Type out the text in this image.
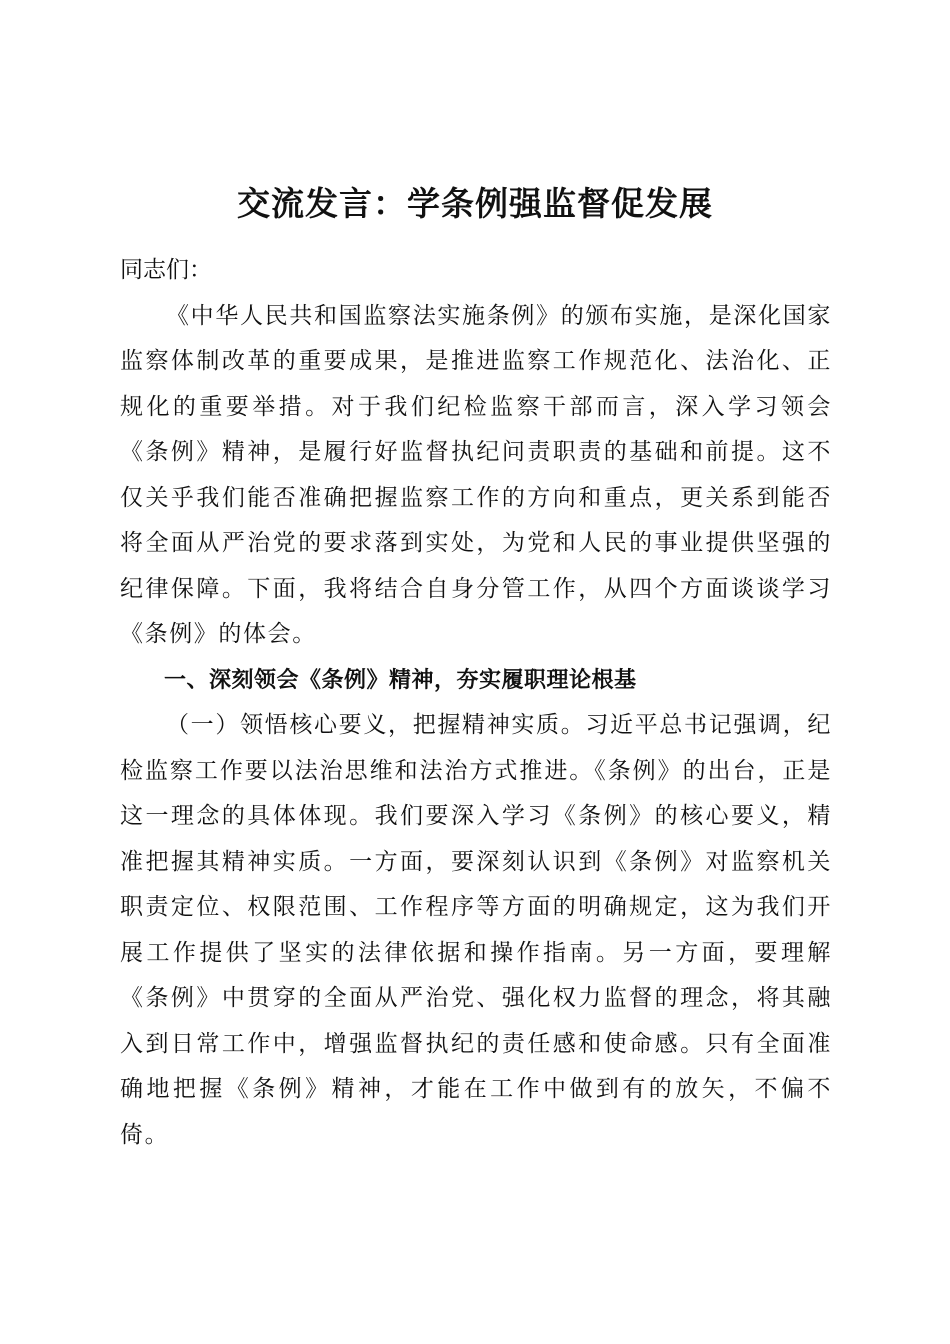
交流发言：学条例强监督促发展

同志们：

《中华人民共和国监察法实施条例》的颁布实施，是深化国家监察体制改革的重要成果，是推进监察工作规范化、法治化、正规化的重要举措。对于我们纪检监察干部而言，深入学习领会《条例》精神，是履行好监督执纪问责职责的基础和前提。这不仅关乎我们能否准确把握监察工作的方向和重点，更关系到能否将全面从严治党的要求落到实处，为党和人民的事业提供坚强的纪律保障。下面，我将结合自身分管工作，从四个方面谈谈学习《条例》的体会。

一、深刻领会《条例》精神，夯实履职理论根基

（一）领悟核心要义，把握精神实质。习近平总书记强调，纪检监察工作要以法治思维和法治方式推进。《条例》的出台，正是这一理念的具体体现。我们要深入学习《条例》的核心要义，精准把握其精神实质。一方面，要深刻认识到《条例》对监察机关职责定位、权限范围、工作程序等方面的明确规定，这为我们开展工作提供了坚实的法律依据和操作指南。另一方面，要理解《条例》中贯穿的全面从严治党、强化权力监督的理念，将其融入到日常工作中，增强监督执纪的责任感和使命感。只有全面准确地把握《条例》精神，才能在工作中做到有的放矢，不偏不倚。
